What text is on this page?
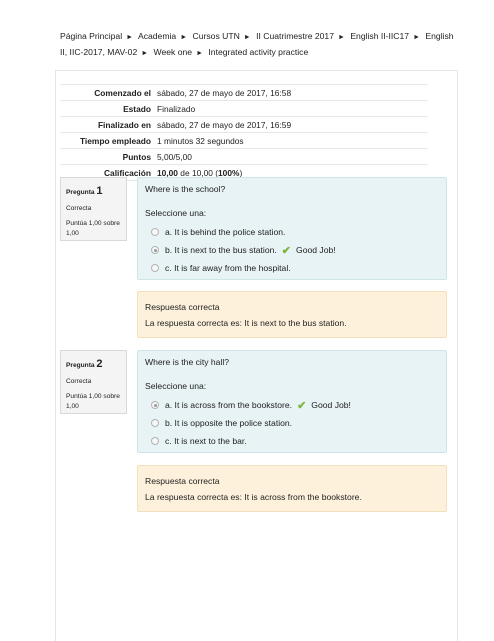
Página Principal ► Academia ► Cursos UTN ► II Cuatrimestre 2017 ► English II-IIC17 ► English II, IIC-2017, MAV-02 ► Week one ► Integrated activity practice
Comenzado el sábado, 27 de mayo de 2017, 16:58
Estado Finalizado
Finalizado en sábado, 27 de mayo de 2017, 16:59
Tiempo empleado 1 minutos 32 segundos
Puntos 5,00/5,00
Calificación 10,00 de 10,00 (100%)
Pregunta 1
Correcta
Puntúa 1,00 sobre 1,00
Where is the school?
Seleccione una:
a. It is behind the police station.
b. It is next to the bus station. ✔ Good Job!
c. It is far away from the hospital.
Respuesta correcta
La respuesta correcta es: It is next to the bus station.
Pregunta 2
Correcta
Puntúa 1,00 sobre 1,00
Where is the city hall?
Seleccione una:
a. It is across from the bookstore. ✔ Good Job!
b. It is opposite the police station.
c. It is next to the bar.
Respuesta correcta
La respuesta correcta es: It is across from the bookstore.
